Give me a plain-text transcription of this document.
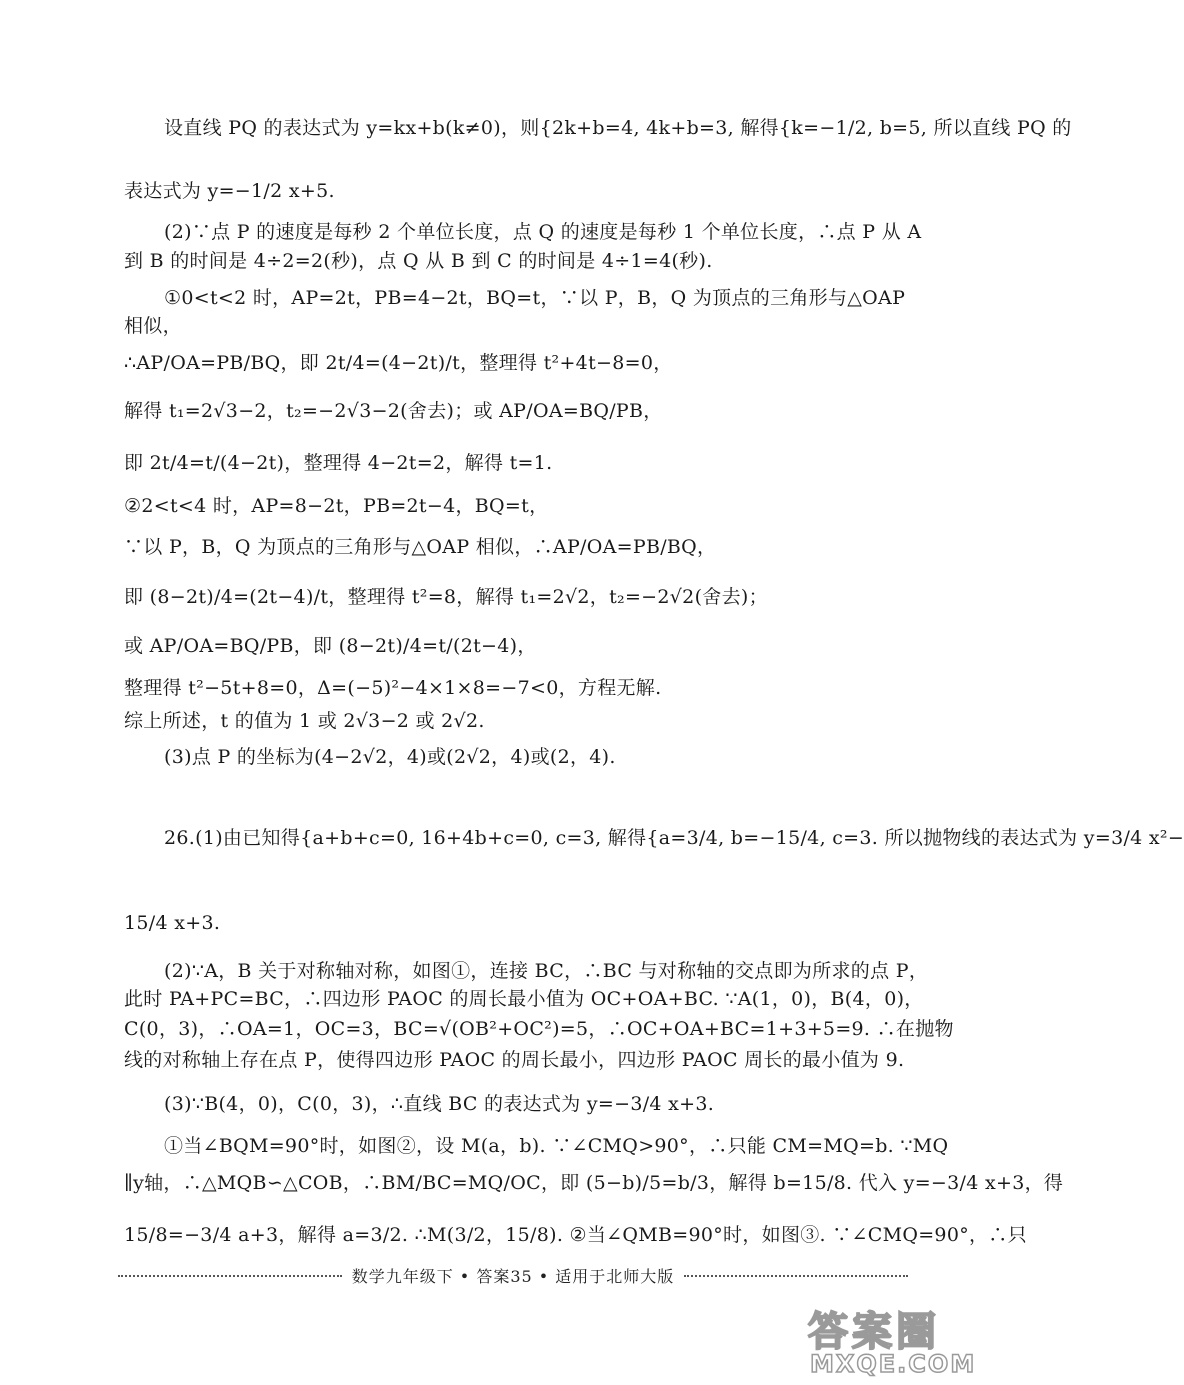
设直线 PQ 的表达式为 y=kx+b(k≠0)，则{2k+b=4, 4k+b=3, 解得{k=−1/2, b=5, 所以直线 PQ 的
表达式为 y=−1/2 x+5.
(2)∵点 P 的速度是每秒 2 个单位长度，点 Q 的速度是每秒 1 个单位长度，∴点 P 从 A
到 B 的时间是 4÷2=2(秒)，点 Q 从 B 到 C 的时间是 4÷1=4(秒).
①0<t<2 时，AP=2t，PB=4−2t，BQ=t，∵以 P，B，Q 为顶点的三角形与△OAP
相似，
∴AP/OA=PB/BQ，即 2t/4=(4−2t)/t，整理得 t²+4t−8=0，
解得 t₁=2√3−2，t₂=−2√3−2(舍去)；或 AP/OA=BQ/PB，
即 2t/4=t/(4−2t)，整理得 4−2t=2，解得 t=1.
②2<t<4 时，AP=8−2t，PB=2t−4，BQ=t，
∵以 P，B，Q 为顶点的三角形与△OAP 相似，∴AP/OA=PB/BQ，
即 (8−2t)/4=(2t−4)/t，整理得 t²=8，解得 t₁=2√2，t₂=−2√2(舍去)；
或 AP/OA=BQ/PB，即 (8−2t)/4=t/(2t−4)，
整理得 t²−5t+8=0，Δ=(−5)²−4×1×8=−7<0，方程无解.
综上所述，t 的值为 1 或 2√3−2 或 2√2.
(3)点 P 的坐标为(4−2√2，4)或(2√2，4)或(2，4).
26.(1)由已知得{a+b+c=0, 16+4b+c=0, c=3, 解得{a=3/4, b=−15/4, c=3. 所以抛物线的表达式为 y=3/4 x²−
15/4 x+3.
(2)∵A，B 关于对称轴对称，如图①，连接 BC，∴BC 与对称轴的交点即为所求的点 P，
此时 PA+PC=BC，∴四边形 PAOC 的周长最小值为 OC+OA+BC. ∵A(1，0)，B(4，0)，
C(0，3)，∴OA=1，OC=3，BC=√(OB²+OC²)=5，∴OC+OA+BC=1+3+5=9. ∴在抛物
线的对称轴上存在点 P，使得四边形 PAOC 的周长最小，四边形 PAOC 周长的最小值为 9.
(3)∵B(4，0)，C(0，3)，∴直线 BC 的表达式为 y=−3/4 x+3.
①当∠BQM=90°时，如图②，设 M(a，b). ∵∠CMQ>90°，∴只能 CM=MQ=b. ∵MQ
∥y轴，∴△MQB∽△COB，∴BM/BC=MQ/OC，即 (5−b)/5=b/3，解得 b=15/8. 代入 y=−3/4 x+3，得
15/8=−3/4 a+3，解得 a=3/2. ∴M(3/2，15/8). ②当∠QMB=90°时，如图③. ∵∠CMQ=90°，∴只
数学九年级下 • 答案35 • 适用于北师大版
答案圈
MXQE.COM
